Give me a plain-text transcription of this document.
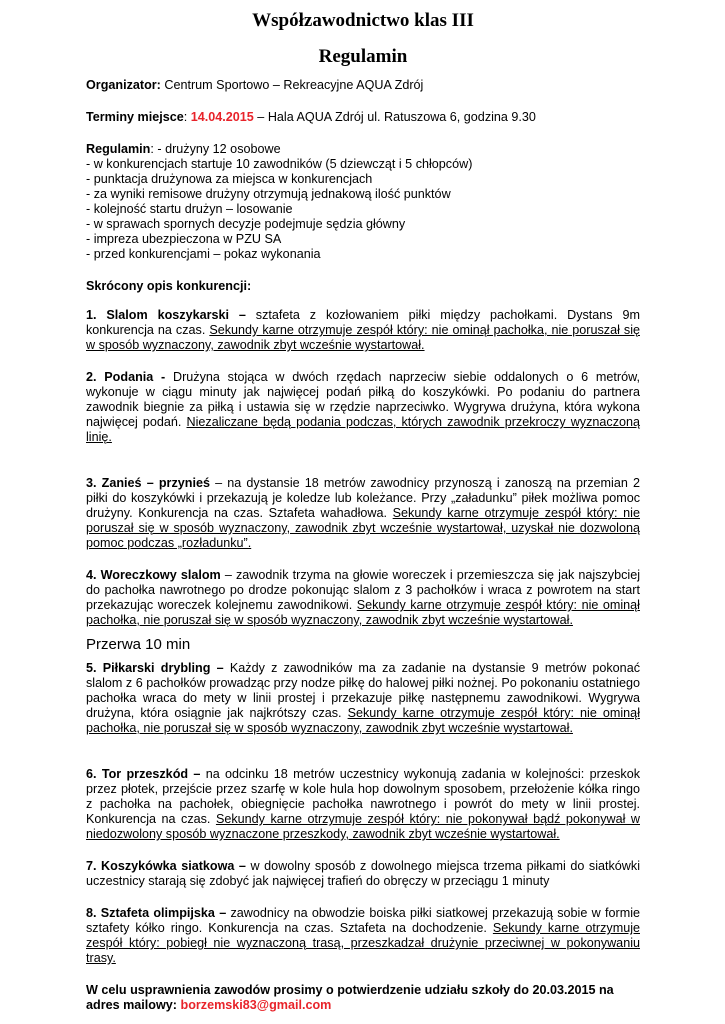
Współzawodnictwo klas III
Regulamin

Organizator: Centrum Sportowo – Rekreacyjne AQUA Zdrój

Terminy miejsce: 14.04.2015 – Hala AQUA Zdrój ul. Ratuszowa 6, godzina 9.30

Regulamin: - drużyny 12 osobowe

- w konkurencjach startuje 10 zawodników (5 dziewcząt i 5 chłopców)
- punktacja drużynowa za miejsca w konkurencjach
- za wyniki remisowe drużyny otrzymują jednakową ilość punktów
- kolejność startu drużyn – losowanie
- w sprawach spornych decyzje podejmuje sędzia główny
- impreza ubezpieczona w PZU SA
- przed konkurencjami – pokaz wykonania

Skrócony opis konkurencji:

1. Slalom koszykarski – sztafeta z kozłowaniem piłki między pachołkami. Dystans 9m konkurencja na czas. Sekundy karne otrzymuje zespół który: nie ominął pachołka, nie poruszał się w sposób wyznaczony, zawodnik zbyt wcześnie wystartował.

2. Podania - Drużyna stojąca w dwóch rzędach naprzeciw siebie oddalonych o 6 metrów, wykonuje w ciągu minuty jak najwięcej podań piłką do koszykówki. Po podaniu do partnera zawodnik biegnie za piłką i ustawia się w rzędzie naprzeciwko. Wygrywa drużyna, która wykona najwięcej podań. Niezaliczane będą podania podczas, których zawodnik przekroczy wyznaczoną linię.

3. Zanieś – przynieś – na dystansie 18 metrów zawodnicy przynoszą i zanoszą na przemian 2 piłki do koszykówki i przekazują je koledze lub koleżance. Przy „załadunku” piłek możliwa pomoc drużyny. Konkurencja na czas. Sztafeta wahadłowa. Sekundy karne otrzymuje zespół który: nie poruszał się w sposób wyznaczony, zawodnik zbyt wcześnie wystartował, uzyskał nie dozwoloną pomoc podczas „rozładunku”.

4. Woreczkowy slalom – zawodnik trzyma na głowie woreczek i przemieszcza się jak najszybciej do pachołka nawrotnego po drodze pokonując slalom z 3 pachołków i wraca z powrotem na start przekazując woreczek kolejnemu zawodnikowi. Sekundy karne otrzymuje zespół który: nie ominął pachołka, nie poruszał się w sposób wyznaczony, zawodnik zbyt wcześnie wystartował.

Przerwa 10 min

5. Piłkarski drybling – Każdy z zawodników ma za zadanie na dystansie 9 metrów pokonać slalom z 6 pachołków prowadząc przy nodze piłkę do halowej piłki nożnej. Po pokonaniu ostatniego pachołka wraca do mety w linii prostej i przekazuje piłkę następnemu zawodnikowi. Wygrywa drużyna, która osiągnie jak najkrótszy czas. Sekundy karne otrzymuje zespół który: nie ominął pachołka, nie poruszał się w sposób wyznaczony, zawodnik zbyt wcześnie wystartował.

6. Tor przeszkód – na odcinku 18 metrów uczestnicy wykonują zadania w kolejności: przeskok przez płotek, przejście przez szarfę w kole hula hop dowolnym sposobem, przełożenie kółka ringo z pachołka na pachołek, obiegnięcie pachołka nawrotnego i powrót do mety w linii prostej. Konkurencja na czas. Sekundy karne otrzymuje zespół który: nie pokonywał bądź pokonywał w niedozwolony sposób wyznaczone przeszkody, zawodnik zbyt wcześnie wystartował.

7. Koszykówka siatkowa – w dowolny sposób z dowolnego miejsca trzema piłkami do siatkówki uczestnicy starają się zdobyć jak najwięcej trafień do obręczy w przeciągu 1 minuty

8. Sztafeta olimpijska – zawodnicy na obwodzie boiska piłki siatkowej przekazują sobie w formie sztafety kółko ringo. Konkurencja na czas. Sztafeta na dochodzenie. Sekundy karne otrzymuje zespół który: pobiegł nie wyznaczoną trasą, przeszkadzał drużynie przeciwnej w pokonywaniu trasy.

W celu usprawnienia zawodów prosimy o potwierdzenie udziału szkoły do 20.03.2015 na adres mailowy: borzemski83@gmail.com
